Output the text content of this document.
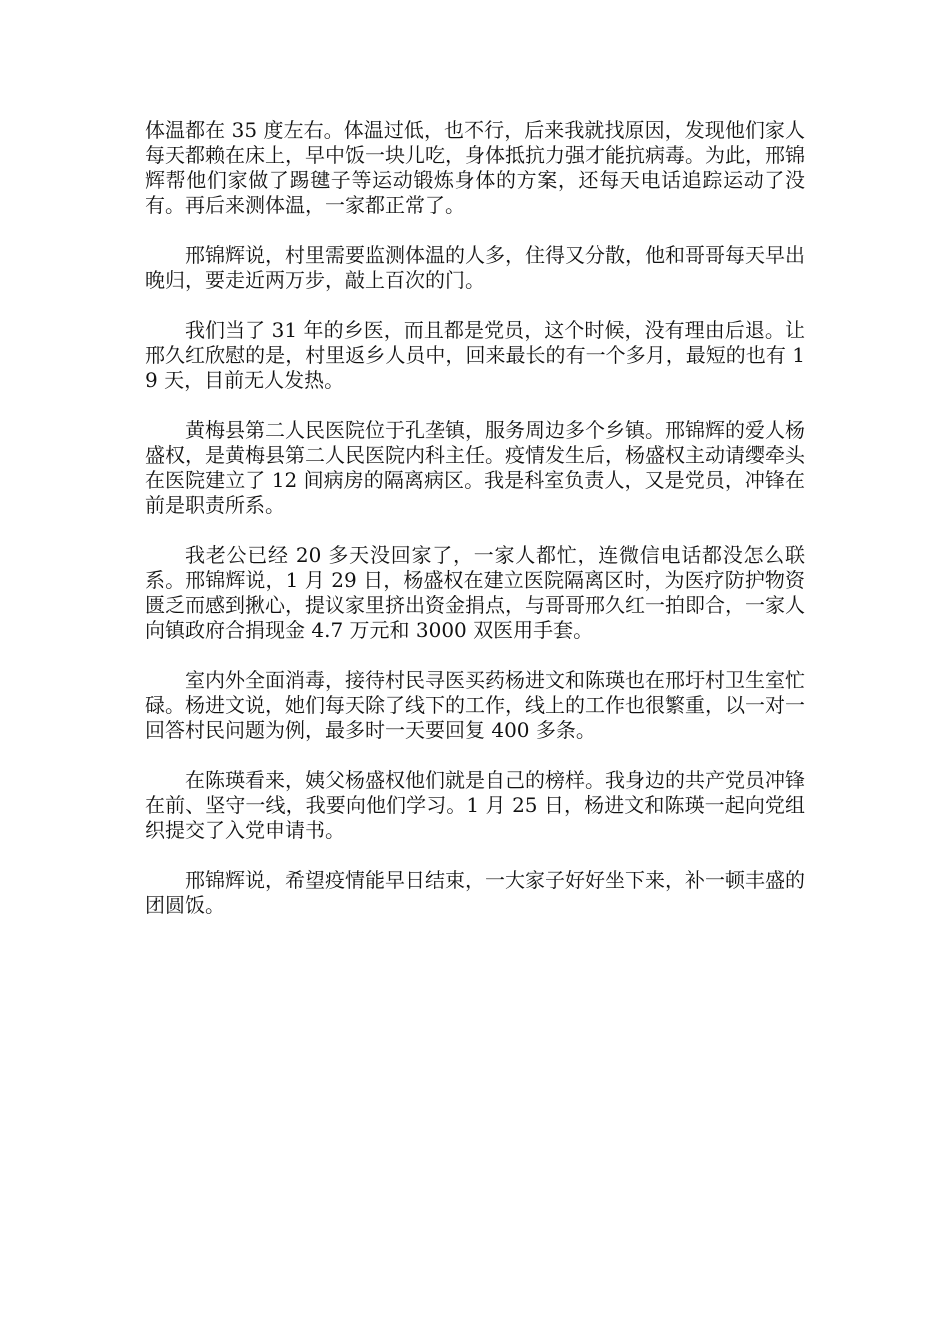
体温都在 35 度左右。体温过低，也不行，后来我就找原因，发现他们家人每天都赖在床上，早中饭一块儿吃，身体抵抗力强才能抗病毒。为此，邢锦辉帮他们家做了踢毽子等运动锻炼身体的方案，还每天电话追踪运动了没有。再后来测体温，一家都正常了。

邢锦辉说，村里需要监测体温的人多，住得又分散，他和哥哥每天早出晚归，要走近两万步，敲上百次的门。

我们当了 31 年的乡医，而且都是党员，这个时候，没有理由后退。让邢久红欣慰的是，村里返乡人员中，回来最长的有一个多月，最短的也有 19 天，目前无人发热。

黄梅县第二人民医院位于孔垄镇，服务周边多个乡镇。邢锦辉的爱人杨盛权，是黄梅县第二人民医院内科主任。疫情发生后，杨盛权主动请缨牵头在医院建立了 12 间病房的隔离病区。我是科室负责人，又是党员，冲锋在前是职责所系。

我老公已经 20 多天没回家了，一家人都忙，连微信电话都没怎么联系。邢锦辉说，1 月 29 日，杨盛权在建立医院隔离区时，为医疗防护物资匮乏而感到揪心，提议家里挤出资金捐点，与哥哥邢久红一拍即合，一家人向镇政府合捐现金 4.7 万元和 3000 双医用手套。

室内外全面消毒，接待村民寻医买药杨进文和陈瑛也在邢圩村卫生室忙碌。杨进文说，她们每天除了线下的工作，线上的工作也很繁重，以一对一回答村民问题为例，最多时一天要回复 400 多条。

在陈瑛看来，姨父杨盛权他们就是自己的榜样。我身边的共产党员冲锋在前、坚守一线，我要向他们学习。1 月 25 日，杨进文和陈瑛一起向党组织提交了入党申请书。

邢锦辉说，希望疫情能早日结束，一大家子好好坐下来，补一顿丰盛的团圆饭。
